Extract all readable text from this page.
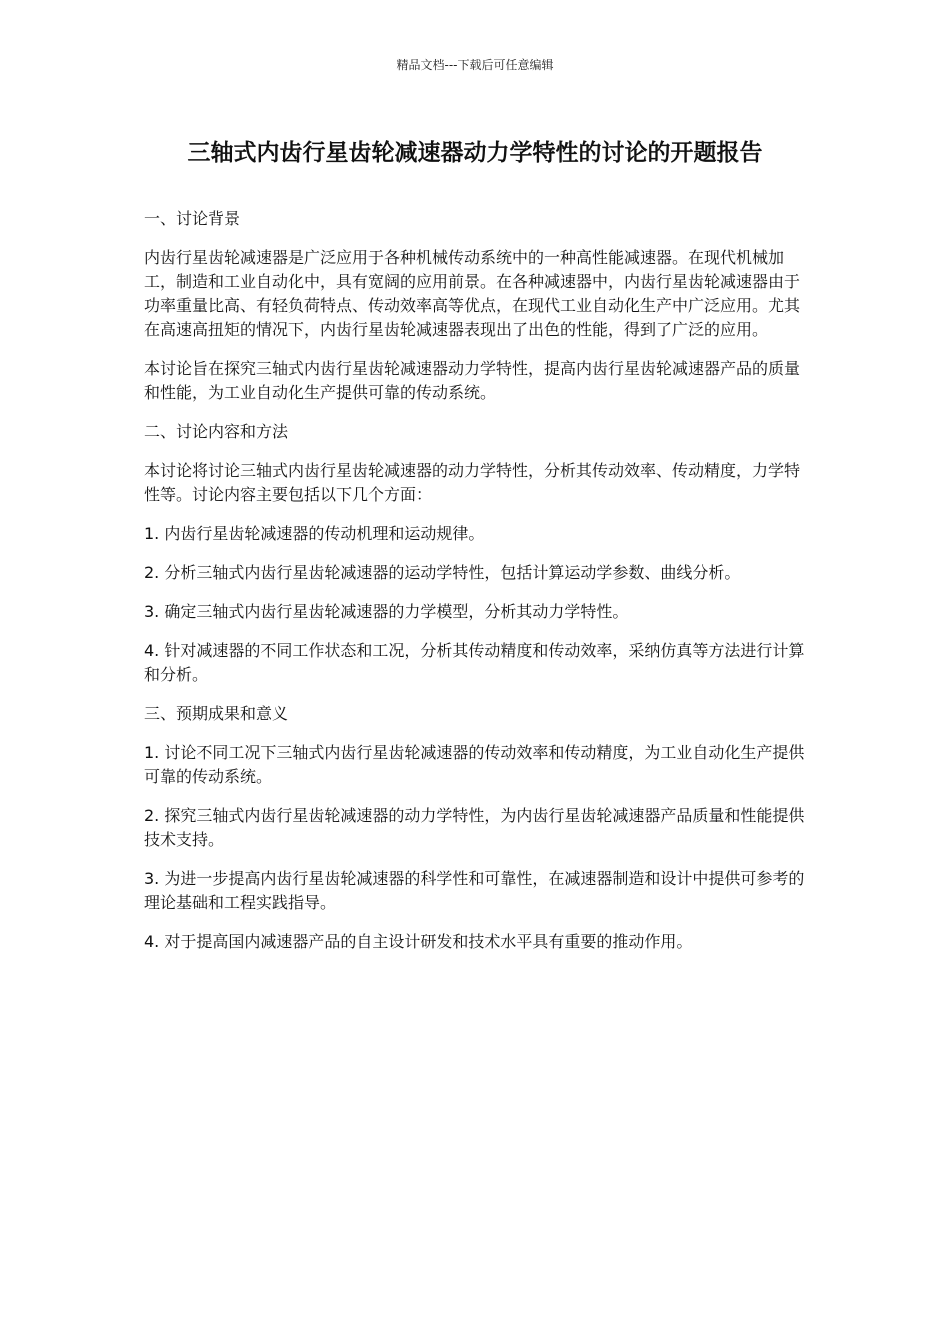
精品文档---下载后可任意编辑
三轴式内齿行星齿轮减速器动力学特性的讨论的开题报告

一、讨论背景

内齿行星齿轮减速器是广泛应用于各种机械传动系统中的一种高性能减速器。在现代机械加工，制造和工业自动化中，具有宽阔的应用前景。在各种减速器中，内齿行星齿轮减速器由于功率重量比高、有轻负荷特点、传动效率高等优点，在现代工业自动化生产中广泛应用。尤其在高速高扭矩的情况下，内齿行星齿轮减速器表现出了出色的性能，得到了广泛的应用。

本讨论旨在探究三轴式内齿行星齿轮减速器动力学特性，提高内齿行星齿轮减速器产品的质量和性能，为工业自动化生产提供可靠的传动系统。

二、讨论内容和方法

本讨论将讨论三轴式内齿行星齿轮减速器的动力学特性，分析其传动效率、传动精度，力学特性等。讨论内容主要包括以下几个方面：

1. 内齿行星齿轮减速器的传动机理和运动规律。

2. 分析三轴式内齿行星齿轮减速器的运动学特性，包括计算运动学参数、曲线分析。

3. 确定三轴式内齿行星齿轮减速器的力学模型，分析其动力学特性。

4. 针对减速器的不同工作状态和工况，分析其传动精度和传动效率，采纳仿真等方法进行计算和分析。

三、预期成果和意义

1. 讨论不同工况下三轴式内齿行星齿轮减速器的传动效率和传动精度，为工业自动化生产提供可靠的传动系统。

2. 探究三轴式内齿行星齿轮减速器的动力学特性，为内齿行星齿轮减速器产品质量和性能提供技术支持。

3. 为进一步提高内齿行星齿轮减速器的科学性和可靠性，在减速器制造和设计中提供可参考的理论基础和工程实践指导。

4. 对于提高国内减速器产品的自主设计研发和技术水平具有重要的推动作用。
